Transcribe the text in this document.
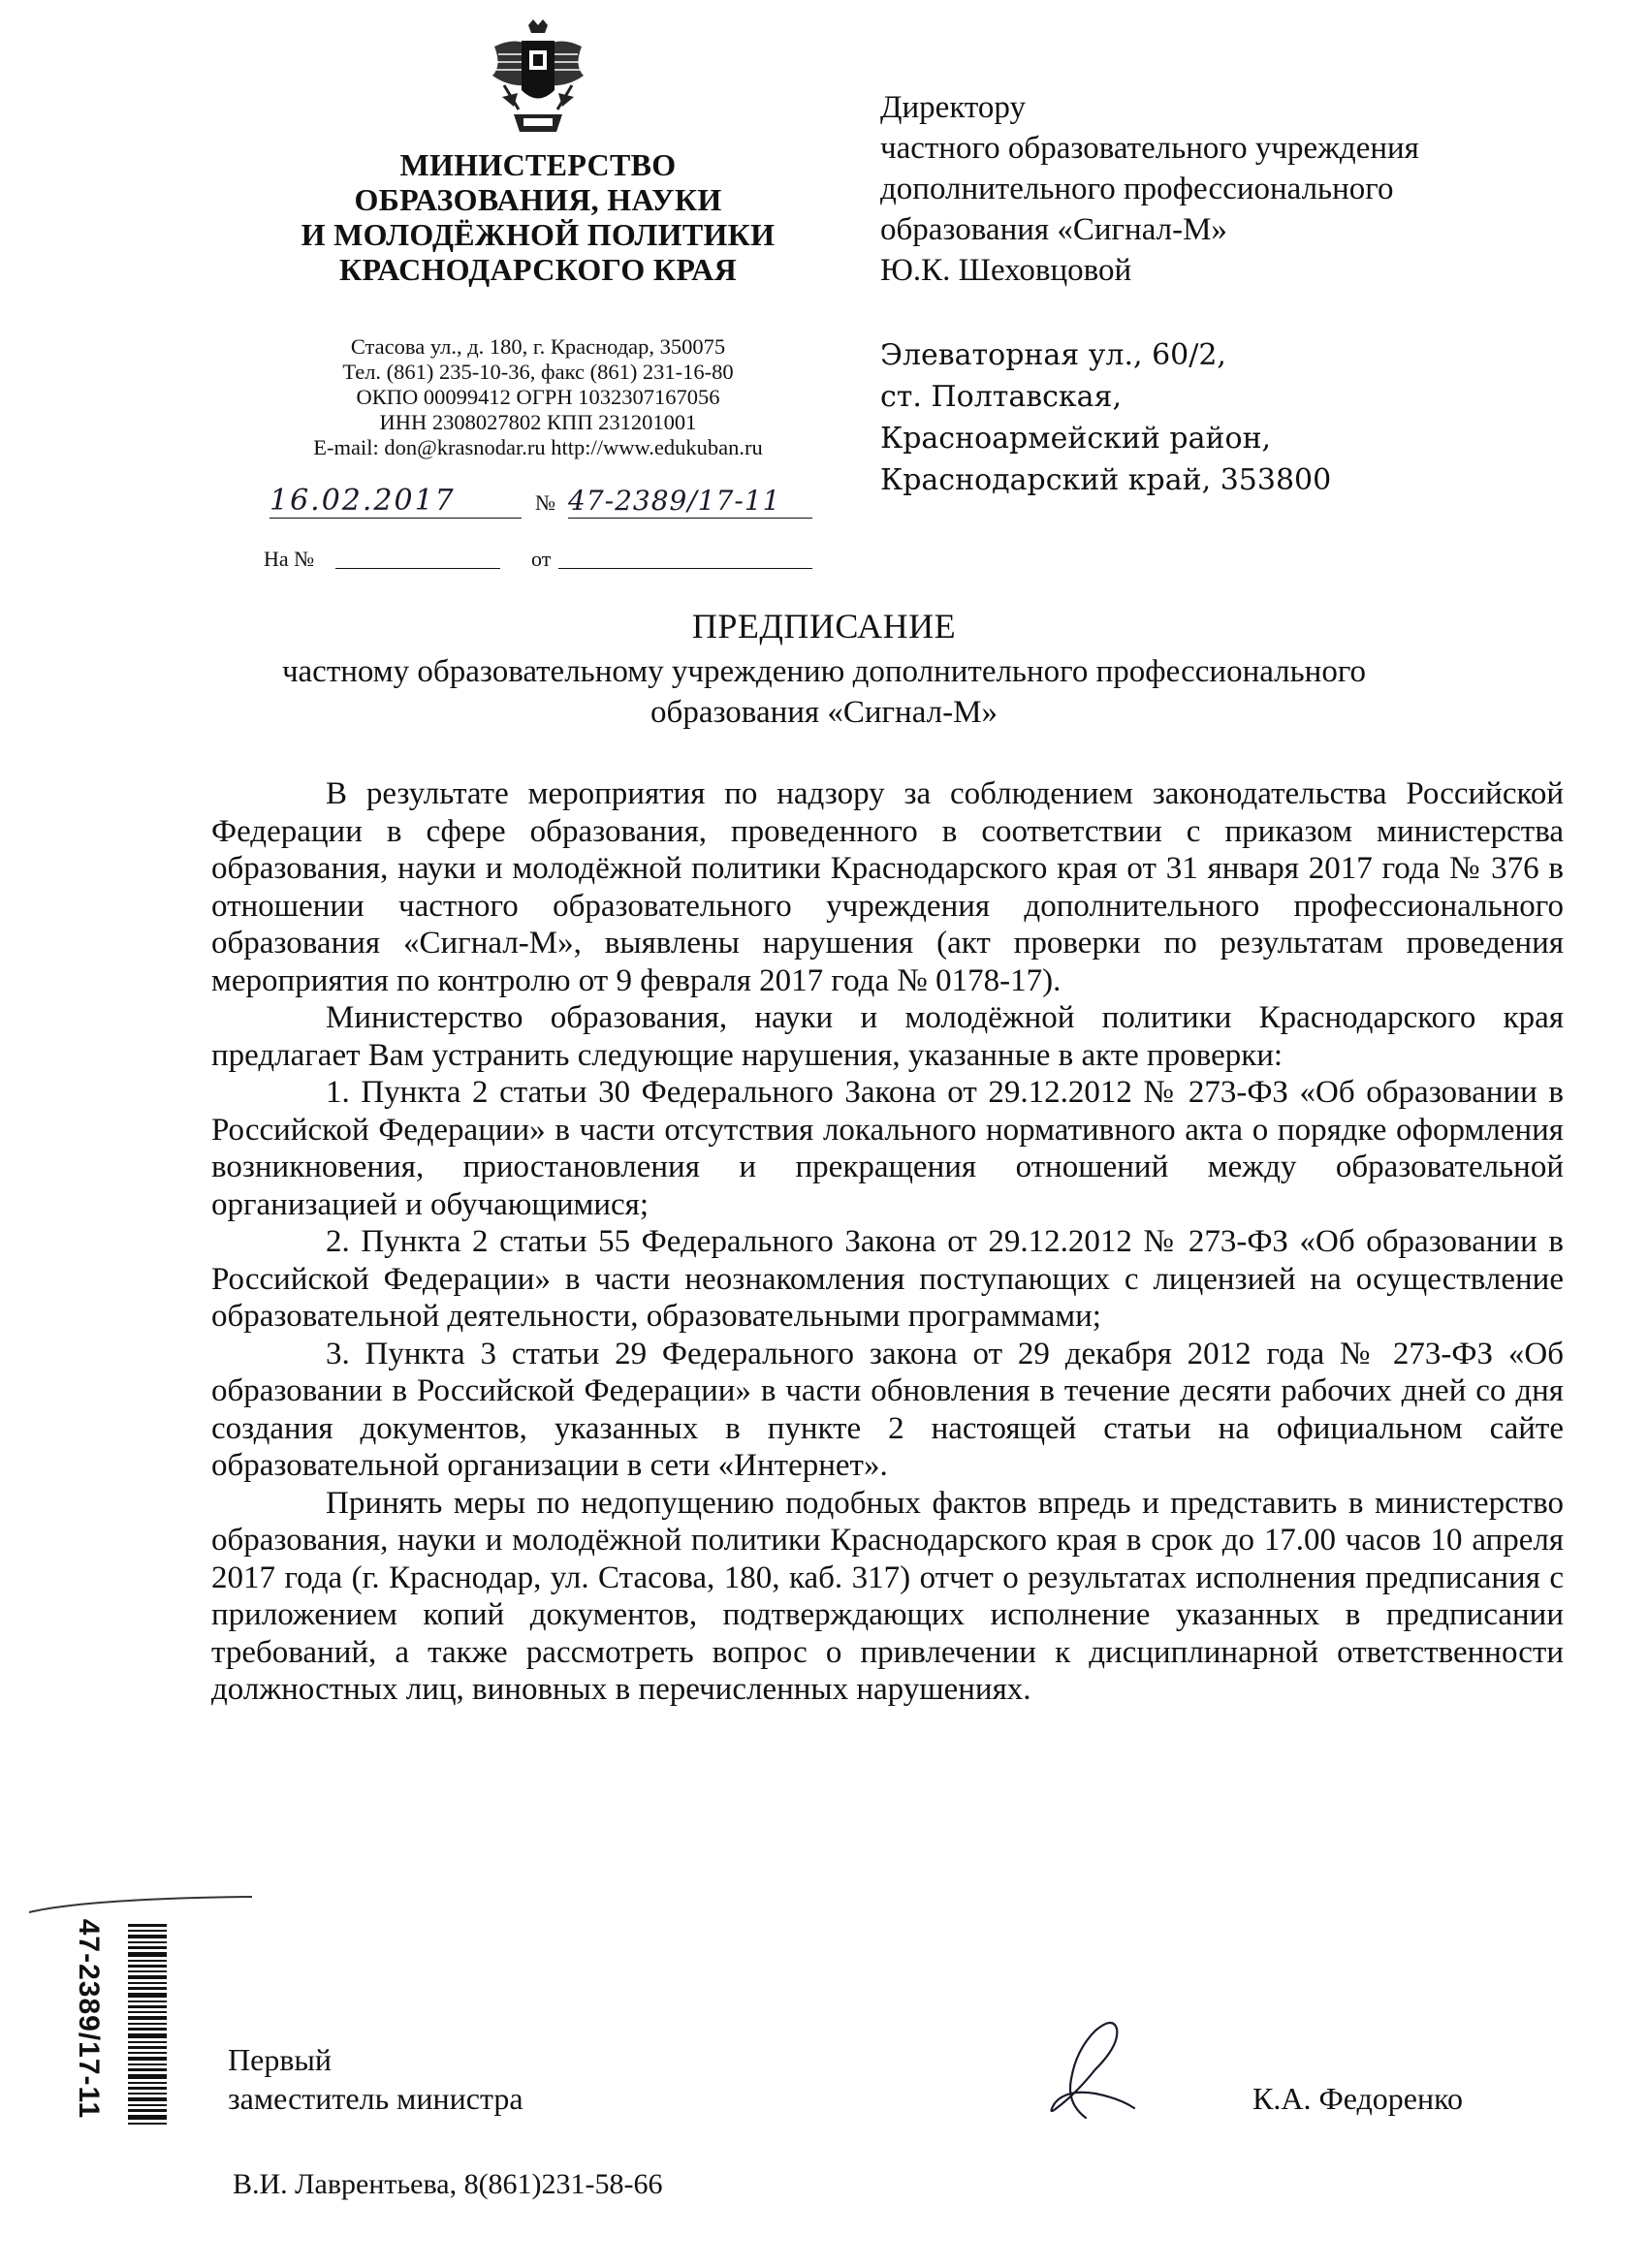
МИНИСТЕРСТВО
ОБРАЗОВАНИЯ, НАУКИ
И МОЛОДЁЖНОЙ ПОЛИТИКИ
КРАСНОДАРСКОГО КРАЯ
Стасова ул., д. 180, г. Краснодар, 350075
Тел. (861) 235-10-36, факс (861) 231-16-80
ОКПО 00099412 ОГРН 1032307167056
ИНН 2308027802 КПП 231201001
E-mail: don@krasnodar.ru http://www.edukuban.ru
16.02.2017	№ 47-2389/17-11
На №	от
Директору
частного образовательного учреждения
дополнительного профессионального
образования «Сигнал-М»
Ю.К. Шеховцовой
Элеваторная ул., 60/2,
ст. Полтавская,
Красноармейский район,
Краснодарский край, 353800
ПРЕДПИСАНИЕ
частному образовательному учреждению дополнительного профессионального
образования «Сигнал-М»

В результате мероприятия по надзору за соблюдением законодательства Российской Федерации в сфере образования, проведенного в соответствии с приказом министерства образования, науки и молодёжной политики Краснодарского края от 31 января 2017 года № 376 в отношении частного образовательного учреждения дополнительного профессионального образования «Сигнал-М», выявлены нарушения (акт проверки по результатам проведения мероприятия по контролю от 9 февраля 2017 года № 0178-17).

Министерство образования, науки и молодёжной политики Краснодарского края предлагает Вам устранить следующие нарушения, указанные в акте проверки:

1. Пункта 2 статьи 30 Федерального Закона от 29.12.2012 № 273-ФЗ «Об образовании в Российской Федерации» в части отсутствия локального нормативного акта о порядке оформления возникновения, приостановления и прекращения отношений между образовательной организацией и обучающимися;

2. Пункта 2 статьи 55 Федерального Закона от 29.12.2012 № 273-ФЗ «Об образовании в Российской Федерации» в части неознакомления поступающих с лицензией на осуществление образовательной деятельности, образовательными программами;

3. Пункта 3 статьи 29 Федерального закона от 29 декабря 2012 года № 273-ФЗ «Об образовании в Российской Федерации» в части обновления в течение десяти рабочих дней со дня создания документов, указанных в пункте 2 настоящей статьи на официальном сайте образовательной организации в сети «Интернет».

Принять меры по недопущению подобных фактов впредь и представить в министерство образования, науки и молодёжной политики Краснодарского края в срок до 17.00 часов 10 апреля 2017 года (г. Краснодар, ул. Стасова, 180, каб. 317) отчет о результатах исполнения предписания с приложением копий документов, подтверждающих исполнение указанных в предписании требований, а также рассмотреть вопрос о привлечении к дисциплинарной ответственности должностных лиц, виновных в перечисленных нарушениях.

47-2389/17-11	Первый
заместитель министра	К.А. Федоренко
В.И. Лаврентьева, 8(861)231-58-66
